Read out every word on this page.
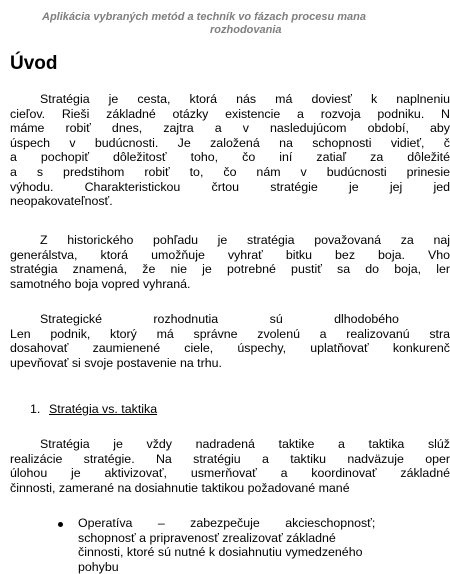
Aplikácia vybraných metód a techník vo fázach procesu mana
rozhodovania
Úvod
Stratégia je cesta, ktorá nás má doviesť k naplneniu
cieľov. Rieši základné otázky existencie a rozvoja podniku. N
máme robiť dnes, zajtra a v nasledujúcom období, aby
úspech v budúcnosti. Je založená na schopnosti vidieť, č
a pochopiť dôležitosť toho, čo iní zatiaľ za dôležité
a s predstihom robiť to, čo nám v budúcnosti prinesie
výhodu. Charakteristickou črtou stratégie je jej jed
neopakovateľnosť.
Z historického pohľadu je stratégia považovaná za naj
generálstva, ktorá umožňuje vyhrať bitku bez boja. Vho
stratégia znamená, že nie je potrebné pustiť sa do boja, ler
samotného boja vopred vyhraná.
Strategické rozhodnutia sú dlhodobého
Len podnik, ktorý má správne zvolenú a realizovanú stra
dosahovať zaumienené ciele, úspechy, uplatňovať konkurenč
upevňovať si svoje postavenie na trhu.
1. Stratégia vs. taktika
Stratégia je vždy nadradená taktike a taktika slúž
realizácie stratégie. Na stratégiu a taktiku nadväzuje oper
úlohou je aktivizovať, usmerňovať a koordinovať základné
činnosti, zamerané na dosiahnutie taktikou požadované mané
Operatíva – zabezpečuje akcieschopnosť;
schopnosť a pripravenosť zrealizovať základné
činnosti, ktoré sú nutné k dosiahnutiu vymedzeného
pohybu
